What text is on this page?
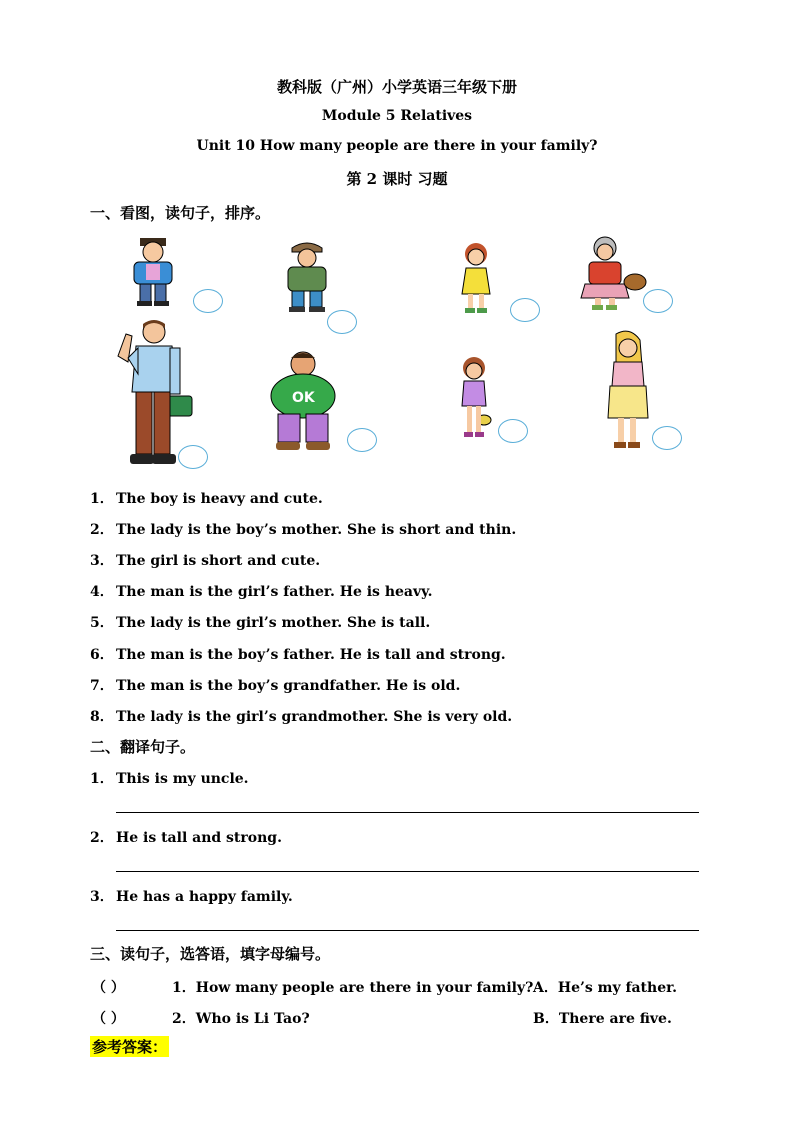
教科版（广州）小学英语三年级下册
Module 5 Relatives
Unit 10 How many people are there in your family?
第 2 课时 习题
一、看图，读句子，排序。
OK
1． The boy is heavy and cute.
2． The lady is the boy’s mother. She is short and thin.
3． The girl is short and cute.
4． The man is the girl’s father. He is heavy.
5． The lady is the girl’s mother. She is tall.
6． The man is the boy’s father. He is tall and strong.
7． The man is the boy’s grandfather. He is old.
8． The lady is the girl’s grandmother. She is very old.
二、翻译句子。
1． This is my uncle.
2． He is tall and strong.
3． He has a happy family.
三、读句子，选答语，填字母编号。
（ ）	1．How many people are there in your family? A．He’s my father.
（ ）	2．Who is Li Tao?	B．There are five.
参考答案：
